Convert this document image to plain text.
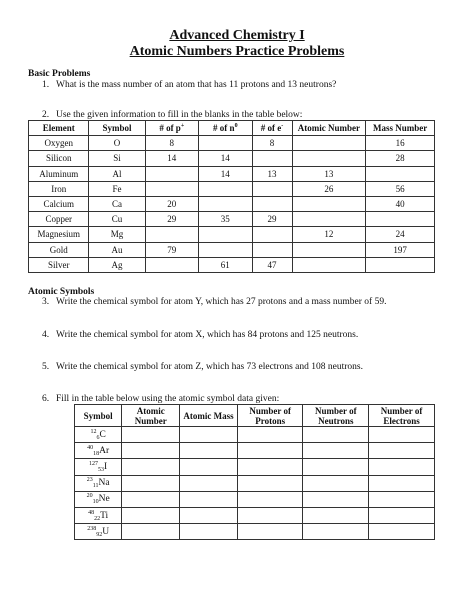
Advanced Chemistry I
Atomic Numbers Practice Problems
Basic Problems
1. What is the mass number of an atom that has 11 protons and 13 neutrons?
2. Use the given information to fill in the blanks in the table below:
Element	Symbol	# of p+	# of $n^0$	# of e-	Atomic Number	Mass Number
Oxygen	O	8		8		16
Silicon	Si	14	14			28
Aluminum	Al		14	13	13	
Iron	Fe				26	56
Calcium	Ca	20				40
Copper	Cu	29	35	29		
Magnesium	Mg				12	24
Gold	Au	79				197
Silver	Ag		61	47		
Atomic Symbols
3. Write the chemical symbol for atom Y, which has 27 protons and a mass number of 59.
4. Write the chemical symbol for atom X, which has 84 protons and 125 neutrons.
5. Write the chemical symbol for atom Z, which has 73 electrons and 108 neutrons.
6. Fill in the table below using the atomic symbol data given:
Symbol	Atomic Number	Atomic Mass	Number of Protons	Number of Neutrons	Number of Electrons
$^{12}_6$C					
$^{40}_{18}$Ar					
$^{127}_{53}$I					
$^{23}_{11}$Na					
$^{20}_{10}$Ne					
$^{48}_{22}$Ti					
$^{238}_{92}$U					
